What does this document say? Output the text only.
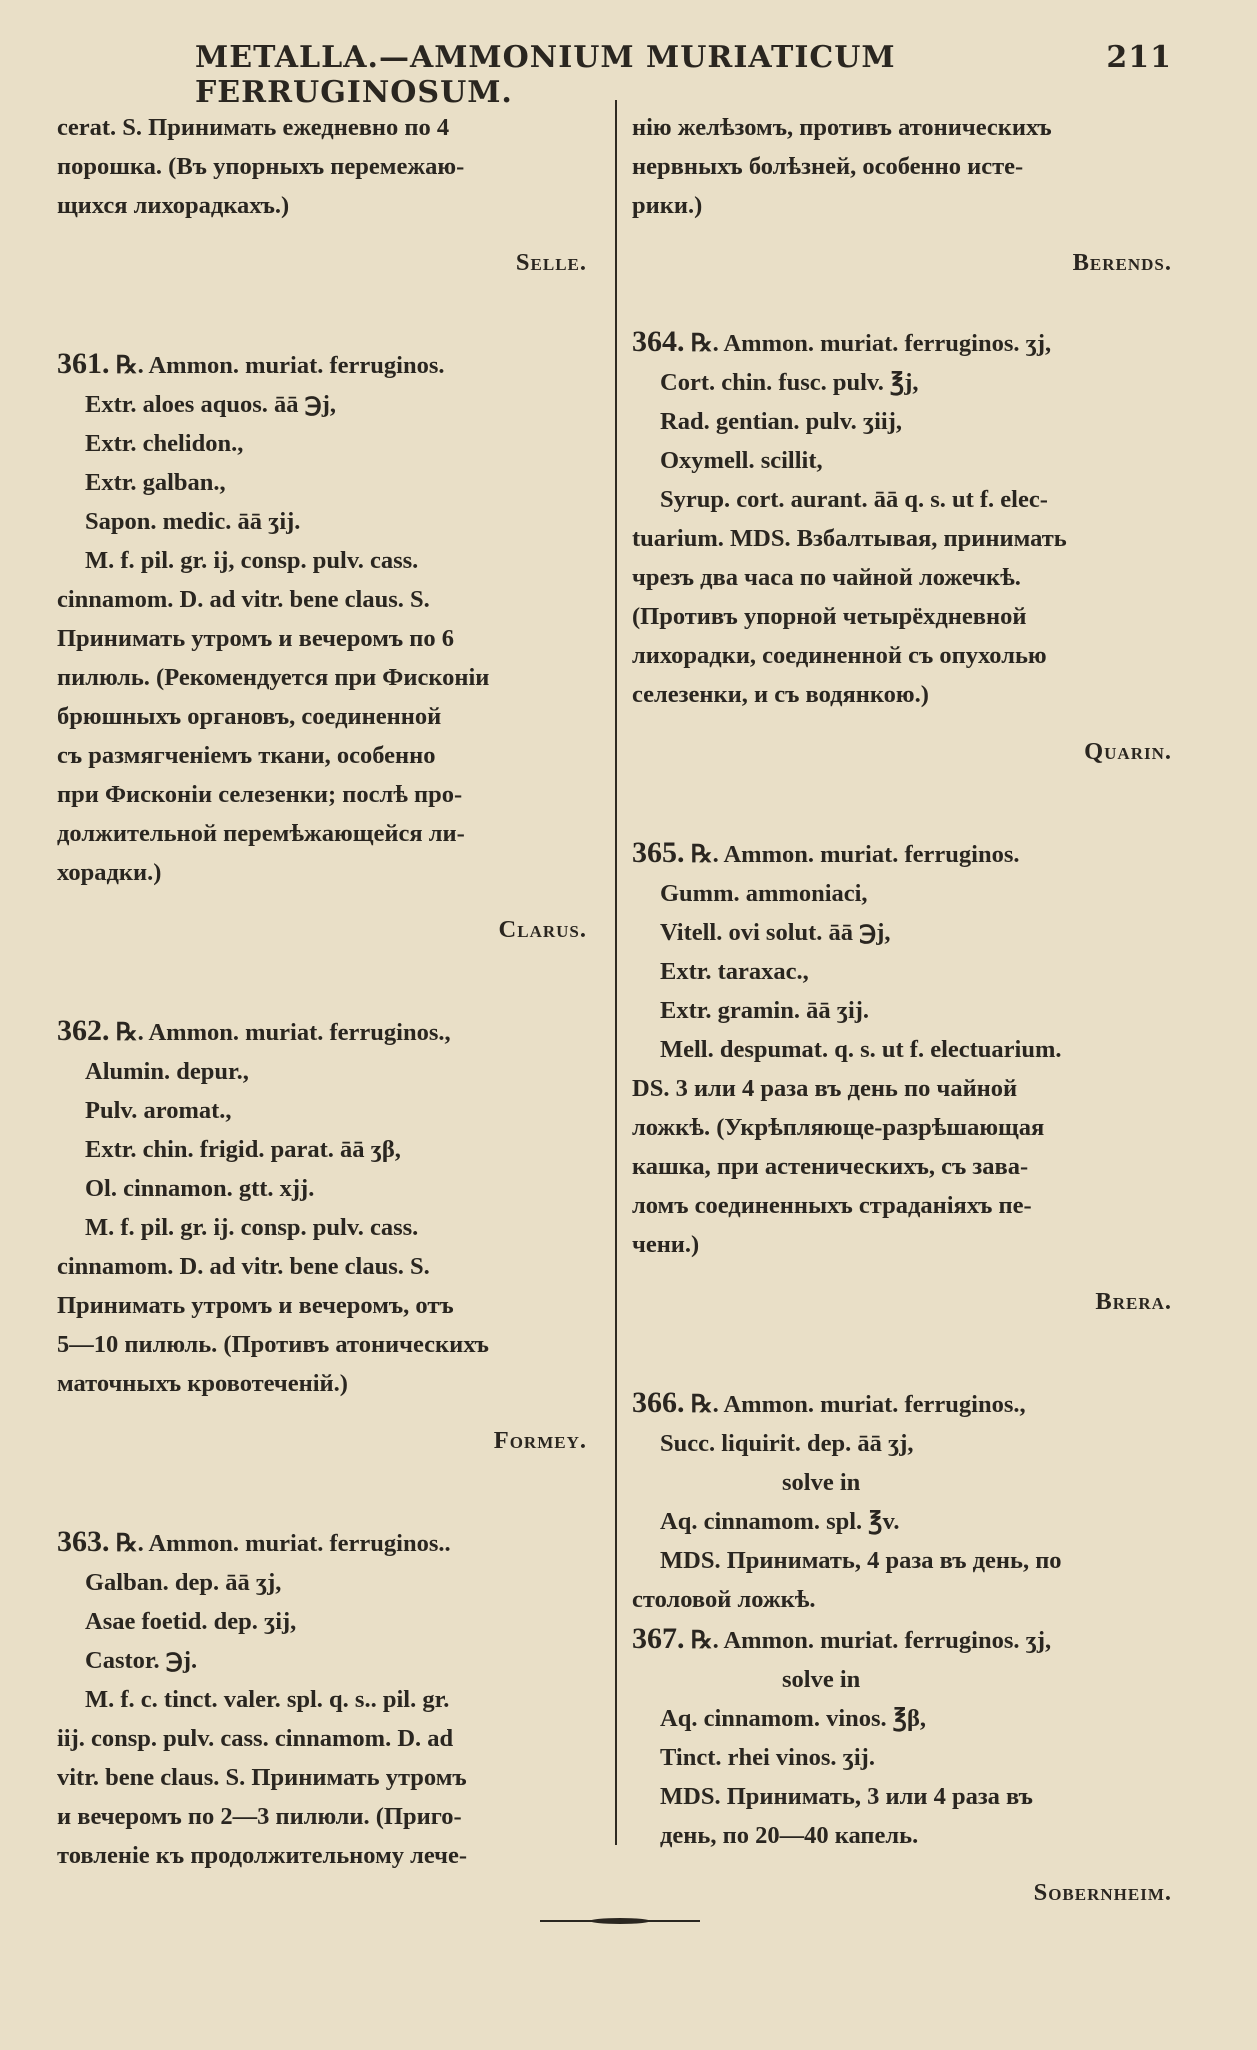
METALLA.—AMMONIUM MURIATICUM FERRUGINOSUM.
211
cerat. S. Принимать ежедневно по 4
порошка. (Въ упорныхъ перемежаю-
щихся лихорадкахъ.)
Selle.
361. ℞. Ammon. muriat. ferruginos.
Extr. aloes aquos. āā ℈j,
Extr. chelidon.,
Extr. galban.,
Sapon. medic. āā ʒij.
M. f. pil. gr. ij, consp. pulv. cass.
cinnamom. D. ad vitr. bene claus. S.
Принимать утромъ и вечеромъ по 6
пилюль. (Рекомендуется при Фисконіи
брюшныхъ органовъ, соединенной
съ размягченіемъ ткани, особенно
при Фисконіи селезенки; послѣ про-
должительной перемѣжающейся ли-
хорадки.)
Clarus.
362. ℞. Ammon. muriat. ferruginos.,
Alumin. depur.,
Pulv. aromat.,
Extr. chin. frigid. parat. āā ʒβ,
Ol. cinnamon. gtt. xjj.
M. f. pil. gr. ij. consp. pulv. cass.
cinnamom. D. ad vitr. bene claus. S.
Принимать утромъ и вечеромъ, отъ
5—10 пилюль. (Противъ атоническихъ
маточныхъ кровотеченій.)
Formey.
363. ℞. Ammon. muriat. ferruginos..
Galban. dep. āā ʒj,
Asae foetid. dep. ʒij,
Castor. ℈j.
M. f. c. tinct. valer. spl. q. s.. pil. gr.
iij. consp. pulv. cass. cinnamom. D. ad
vitr. bene claus. S. Принимать утромъ
и вечеромъ по 2—3 пилюли. (Приго-
товленіе къ продолжительному лече-
нію желѣзомъ, противъ атоническихъ
нервныхъ болѣзней, особенно исте-
рики.)
Berends.
364. ℞. Ammon. muriat. ferruginos. ʒj,
Cort. chin. fusc. pulv. ℥j,
Rad. gentian. pulv. ʒiij,
Oxymell. scillit,
Syrup. cort. aurant. āā q. s. ut f. elec-
tuarium. MDS. Взбалтывая, принимать
чрезъ два часа по чайной ложечкѣ.
(Противъ упорной четырёхдневной
лихорадки, соединенной съ опухолью
селезенки, и съ водянкою.)
Quarin.
365. ℞. Ammon. muriat. ferruginos.
Gumm. ammoniaci,
Vitell. ovi solut. āā ℈j,
Extr. taraxac.,
Extr. gramin. āā ʒij.
Mell. despumat. q. s. ut f. electuarium.
DS. 3 или 4 раза въ день по чайной
ложкѣ. (Укрѣпляюще-разрѣшающая
кашка, при астеническихъ, съ зава-
ломъ соединенныхъ страданіяхъ пе-
чени.)
Brera.
366. ℞. Ammon. muriat. ferruginos.,
Succ. liquirit. dep. āā ʒj,
solve in
Aq. cinnamom. spl. ℥v.
MDS. Принимать, 4 раза въ день, по
столовой ложкѣ.
367. ℞. Ammon. muriat. ferruginos. ʒj,
solve in
Aq. cinnamom. vinos. ℥β,
Tinct. rhei vinos. ʒij.
MDS. Принимать, 3 или 4 раза въ
день, по 20—40 капель.
Sobernheim.
